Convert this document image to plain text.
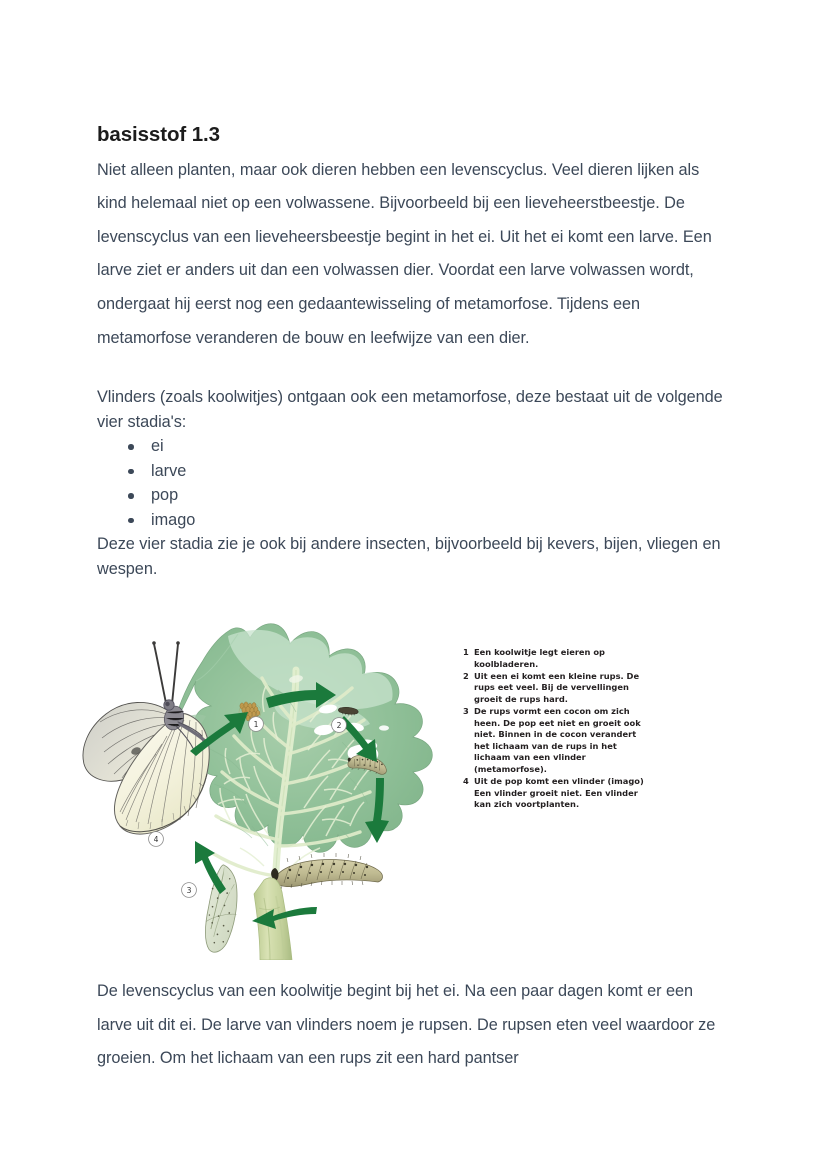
basisstof 1.3

Niet alleen planten, maar ook dieren hebben een levenscyclus. Veel dieren lijken als kind helemaal niet op een volwassene. Bijvoorbeeld bij een lieveheerstbeestje. De levenscyclus van een lieveheersbeestje begint in het ei. Uit het ei komt een larve. Een larve ziet er anders uit dan een volwassen dier. Voordat een larve volwassen wordt, ondergaat hij eerst nog een gedaantewisseling of metamorfose. Tijdens een metamorfose veranderen de bouw en leefwijze van een dier.

Vlinders (zoals koolwitjes) ontgaan ook een metamorfose, deze bestaat uit de volgende vier stadia's:

ei
larve
pop
imago

Deze vier stadia zie je ook bij andere insecten, bijvoorbeeld bij kevers, bijen, vliegen en wespen.

1	2
3
4
1 Een koolwitje legt eieren op koolbladeren.
2 Uit een ei komt een kleine rups. De rups eet veel. Bij de vervellingen groeit de rups hard.
3 De rups vormt een cocon om zich heen. De pop eet niet en groeit ook niet. Binnen in de cocon verandert het lichaam van de rups in het lichaam van een vlinder (metamorfose).
4 Uit de pop komt een vlinder (imago) Een vlinder groeit niet. Een vlinder kan zich voortplanten.

De levenscyclus van een koolwitje begint bij het ei. Na een paar dagen komt er een larve uit dit ei. De larve van vlinders noem je rupsen. De rupsen eten veel waardoor ze groeien. Om het lichaam van een rups zit een hard pantser
